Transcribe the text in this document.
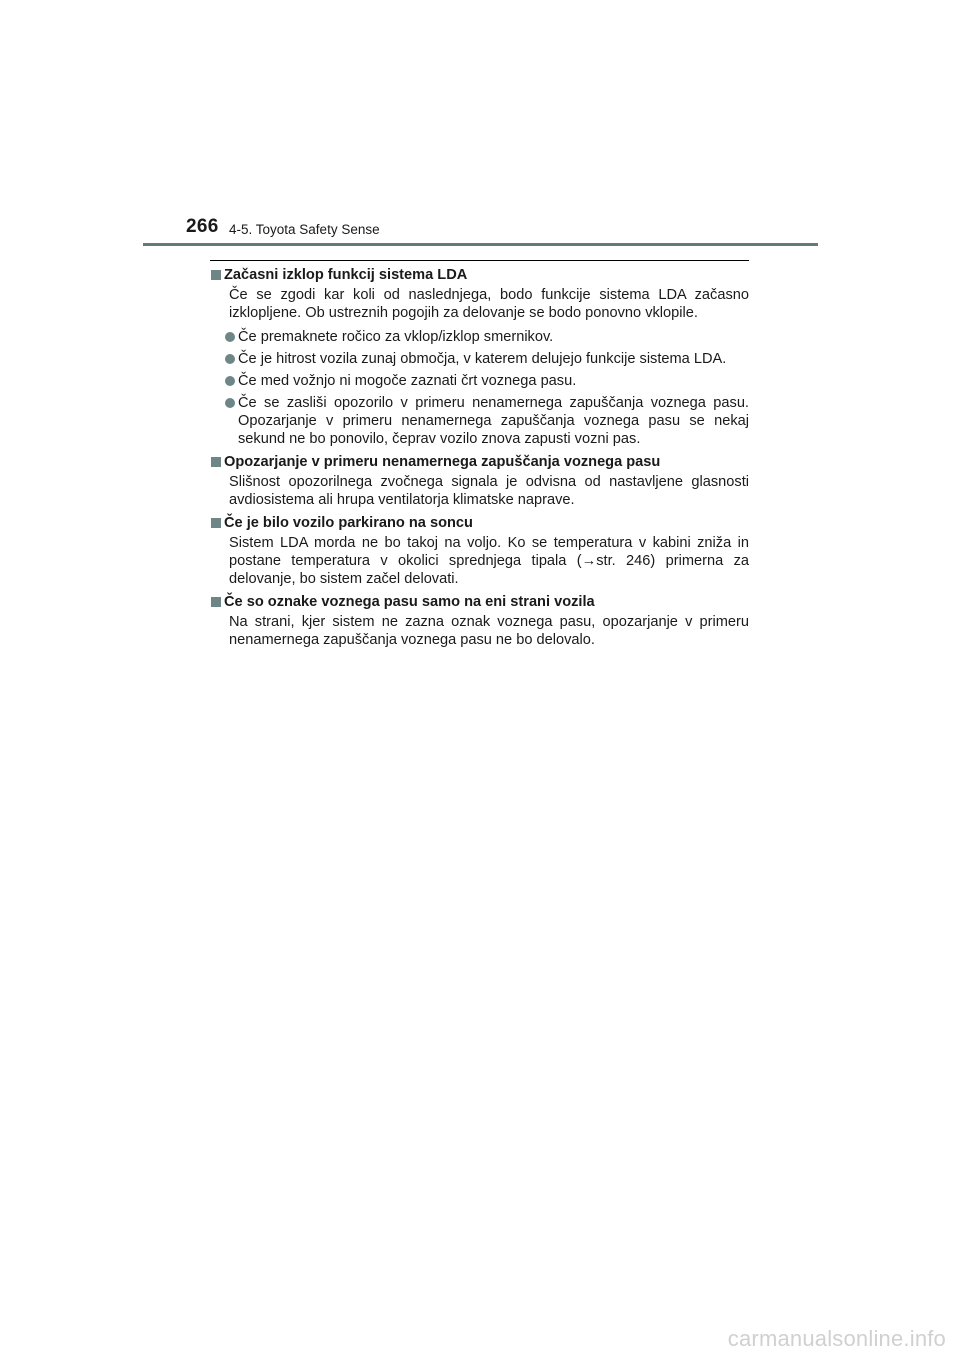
266 4-5. Toyota Safety Sense
Začasni izklop funkcij sistema LDA
Če se zgodi kar koli od naslednjega, bodo funkcije sistema LDA začasno izklopljene. Ob ustreznih pogojih za delovanje se bodo ponovno vklopile.
Če premaknete ročico za vklop/izklop smernikov.
Če je hitrost vozila zunaj območja, v katerem delujejo funkcije sistema LDA.
Če med vožnjo ni mogoče zaznati črt voznega pasu.
Če se zasliši opozorilo v primeru nenamernega zapuščanja voznega pasu. Opozarjanje v primeru nenamernega zapuščanja voznega pasu se nekaj sekund ne bo ponovilo, čeprav vozilo znova zapusti vozni pas.
Opozarjanje v primeru nenamernega zapuščanja voznega pasu
Slišnost opozorilnega zvočnega signala je odvisna od nastavljene glasnosti avdiosistema ali hrupa ventilatorja klimatske naprave.
Če je bilo vozilo parkirano na soncu
Sistem LDA morda ne bo takoj na voljo. Ko se temperatura v kabini zniža in postane temperatura v okolici sprednjega tipala (→str. 246) primerna za delovanje, bo sistem začel delovati.
Če so oznake voznega pasu samo na eni strani vozila
Na strani, kjer sistem ne zazna oznak voznega pasu, opozarjanje v primeru nenamernega zapuščanja voznega pasu ne bo delovalo.
carmanualsonline.info
